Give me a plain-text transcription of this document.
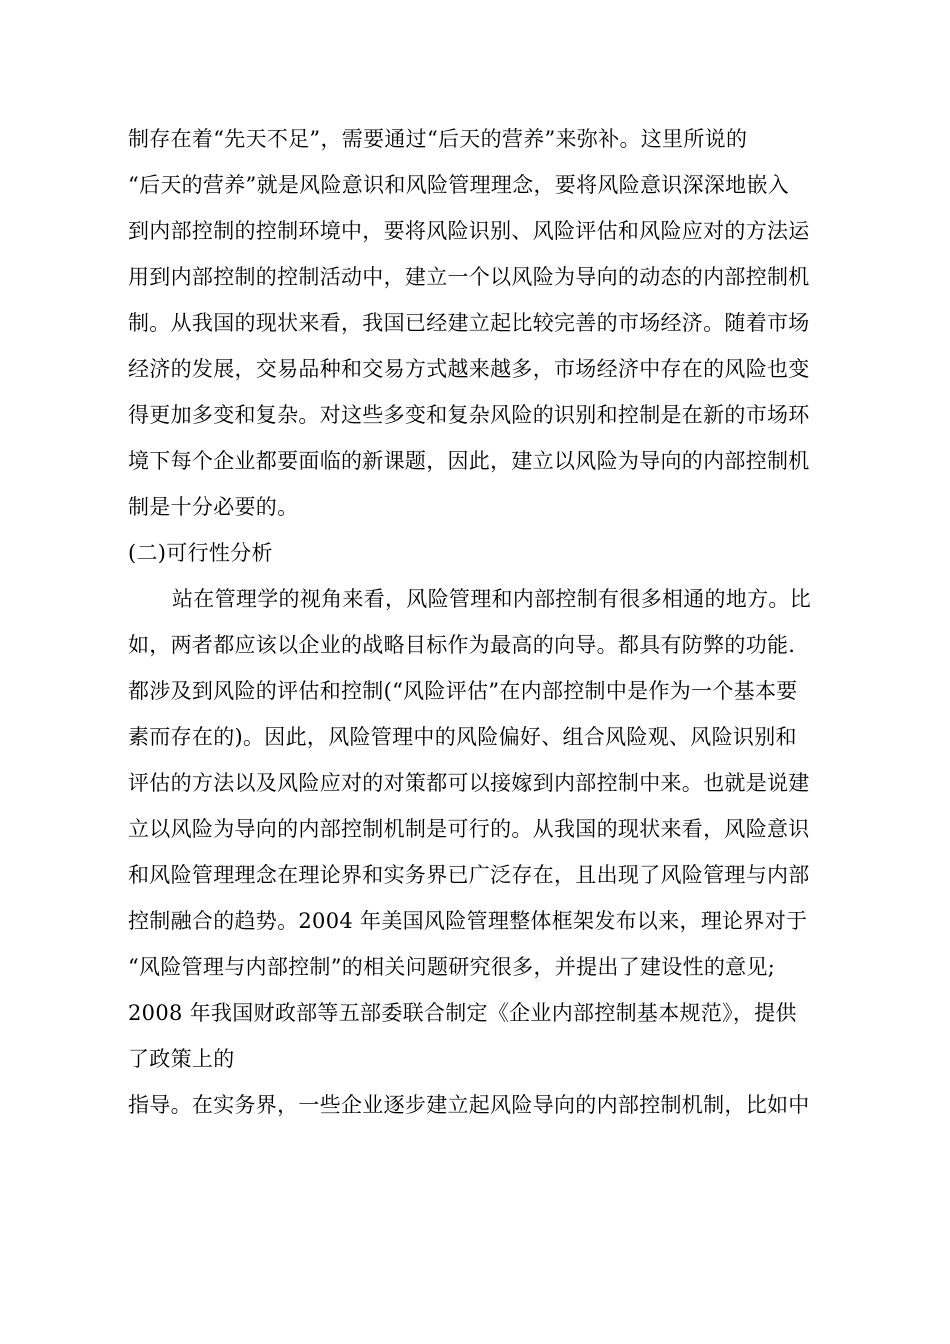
制存在着“先天不足”，需要通过“后天的营养”来弥补。这里所说的
“后天的营养”就是风险意识和风险管理理念，要将风险意识深深地嵌入
到内部控制的控制环境中，要将风险识别、风险评估和风险应对的方法运
用到内部控制的控制活动中，建立一个以风险为导向的动态的内部控制机
制。从我国的现状来看，我国已经建立起比较完善的市场经济。随着市场
经济的发展，交易品种和交易方式越来越多，市场经济中存在的风险也变
得更加多变和复杂。对这些多变和复杂风险的识别和控制是在新的市场环
境下每个企业都要面临的新课题，因此，建立以风险为导向的内部控制机
制是十分必要的。
(二)可行性分析
站在管理学的视角来看，风险管理和内部控制有很多相通的地方。比
如，两者都应该以企业的战略目标作为最高的向导。都具有防弊的功能.
都涉及到风险的评估和控制(“风险评估”在内部控制中是作为一个基本要
素而存在的)。因此，风险管理中的风险偏好、组合风险观、风险识别和
评估的方法以及风险应对的对策都可以接嫁到内部控制中来。也就是说建
立以风险为导向的内部控制机制是可行的。从我国的现状来看，风险意识
和风险管理理念在理论界和实务界已广泛存在，且出现了风险管理与内部
控制融合的趋势。2004 年美国风险管理整体框架发布以来，理论界对于
“风险管理与内部控制”的相关问题研究很多，并提出了建设性的意见;
2008 年我国财政部等五部委联合制定《企业内部控制基本规范》，提供
了政策上的
指导。在实务界，一些企业逐步建立起风险导向的内部控制机制，比如中
